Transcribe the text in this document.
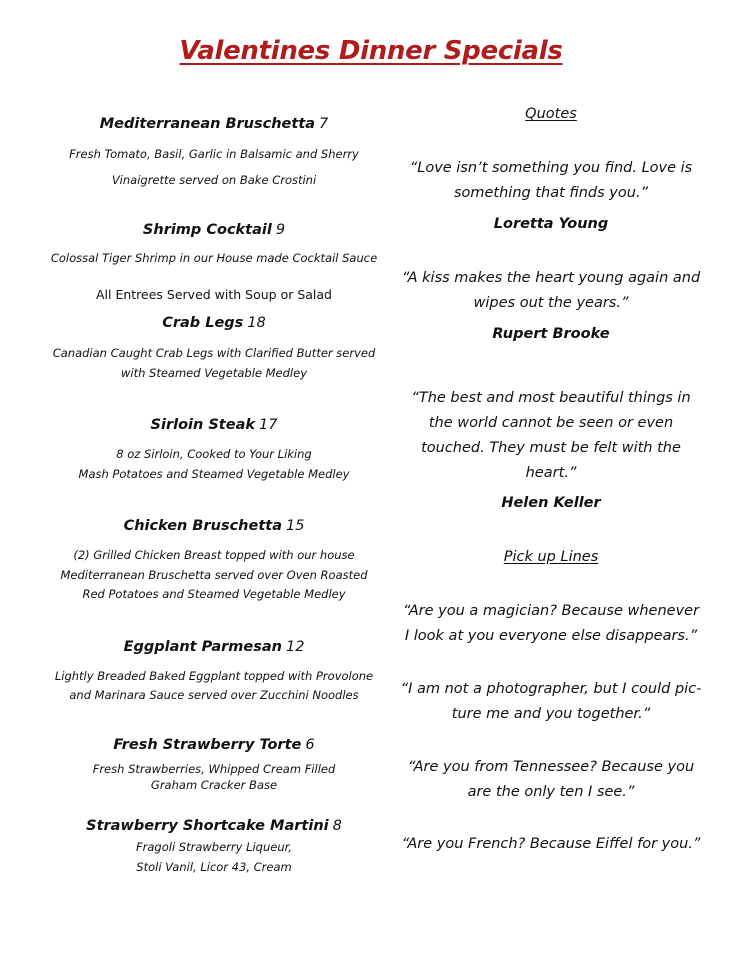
Valentines Dinner Specials
Mediterranean Bruschetta 7
Fresh Tomato, Basil, Garlic in Balsamic and Sherry
Vinaigrette served on Bake Crostini
Shrimp Cocktail 9
Colossal Tiger Shrimp in our House made Cocktail Sauce
All Entrees Served with Soup or Salad
Crab Legs 18
Canadian Caught Crab Legs with Clarified Butter served
with Steamed Vegetable Medley
Sirloin Steak 17
8 oz Sirloin, Cooked to Your Liking
Mash Potatoes and Steamed Vegetable Medley
Chicken Bruschetta 15
(2) Grilled Chicken Breast topped with our house
Mediterranean Bruschetta served over Oven Roasted
Red Potatoes and Steamed Vegetable Medley
Eggplant Parmesan 12
Lightly Breaded Baked Eggplant topped with Provolone
and Marinara Sauce served over Zucchini Noodles
Fresh Strawberry Torte 6
Fresh Strawberries, Whipped Cream Filled
Graham Cracker Base
Strawberry Shortcake Martini 8
Fragoli Strawberry Liqueur,
Stoli Vanil, Licor 43, Cream
Quotes
“Love isn’t something you find. Love is
something that finds you.”
Loretta Young
“A kiss makes the heart young again and
wipes out the years.”
Rupert Brooke
“The best and most beautiful things in
the world cannot be seen or even
touched. They must be felt with the
heart.”
Helen Keller
Pick up Lines
“Are you a magician? Because whenever
I look at you everyone else disappears.”
“I am not a photographer, but I could pic-
ture me and you together.”
“Are you from Tennessee? Because you
are the only ten I see.”
“Are you French? Because Eiffel for you.”
